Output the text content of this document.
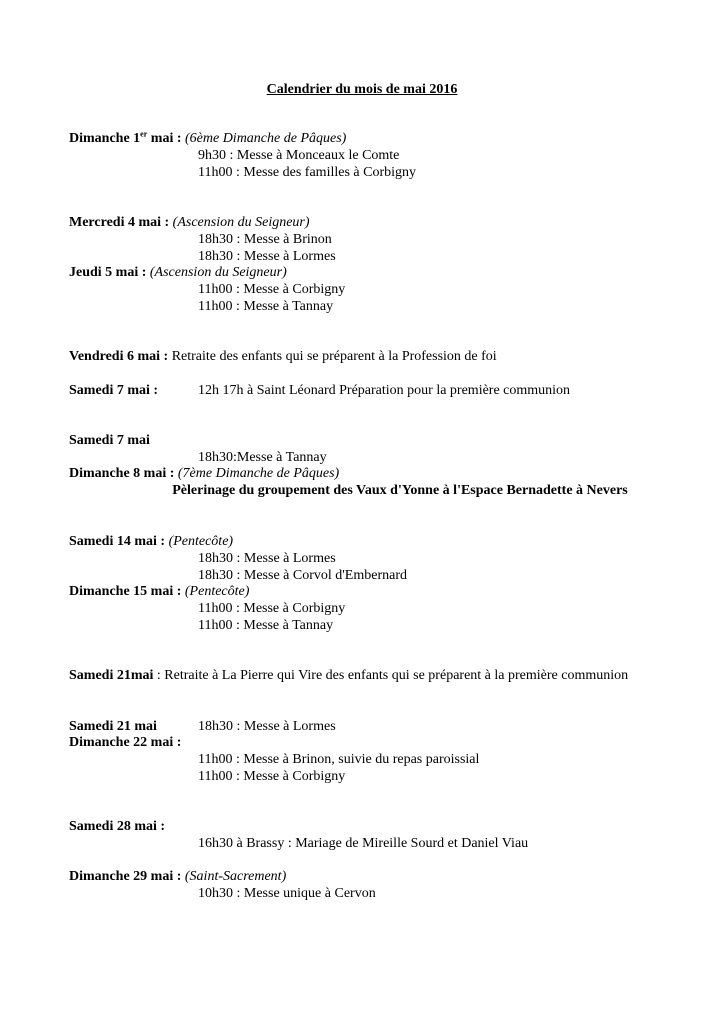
Calendrier du mois de mai 2016
Dimanche 1er mai : (6ème Dimanche de Pâques)
9h30 : Messe à Monceaux le Comte
11h00 : Messe des familles à Corbigny
Mercredi 4 mai : (Ascension du Seigneur)
18h30 : Messe à Brinon
18h30 : Messe à Lormes
Jeudi 5 mai : (Ascension du Seigneur)
11h00 : Messe à Corbigny
11h00 : Messe à Tannay
Vendredi 6 mai : Retraite des enfants qui se préparent à la Profession de foi
Samedi 7 mai :	12h 17h à Saint Léonard Préparation pour la première communion
Samedi 7 mai
18h30:Messe à Tannay
Dimanche 8 mai : (7ème Dimanche de Pâques)
Pèlerinage du groupement des Vaux d'Yonne à l'Espace Bernadette à Nevers
Samedi 14 mai : (Pentecôte)
18h30 : Messe à Lormes
18h30 : Messe à Corvol d'Embernard
Dimanche 15 mai : (Pentecôte)
11h00 : Messe à Corbigny
11h00 : Messe à Tannay
Samedi 21mai : Retraite à La Pierre qui Vire des enfants qui se préparent à la première communion
Samedi 21 mai	18h30 : Messe à Lormes
Dimanche 22 mai :
11h00 : Messe à Brinon, suivie du repas paroissial
11h00 : Messe à Corbigny
Samedi 28 mai :
16h30 à Brassy : Mariage de Mireille Sourd et Daniel Viau
Dimanche 29 mai : (Saint-Sacrement)
10h30 : Messe unique à Cervon
